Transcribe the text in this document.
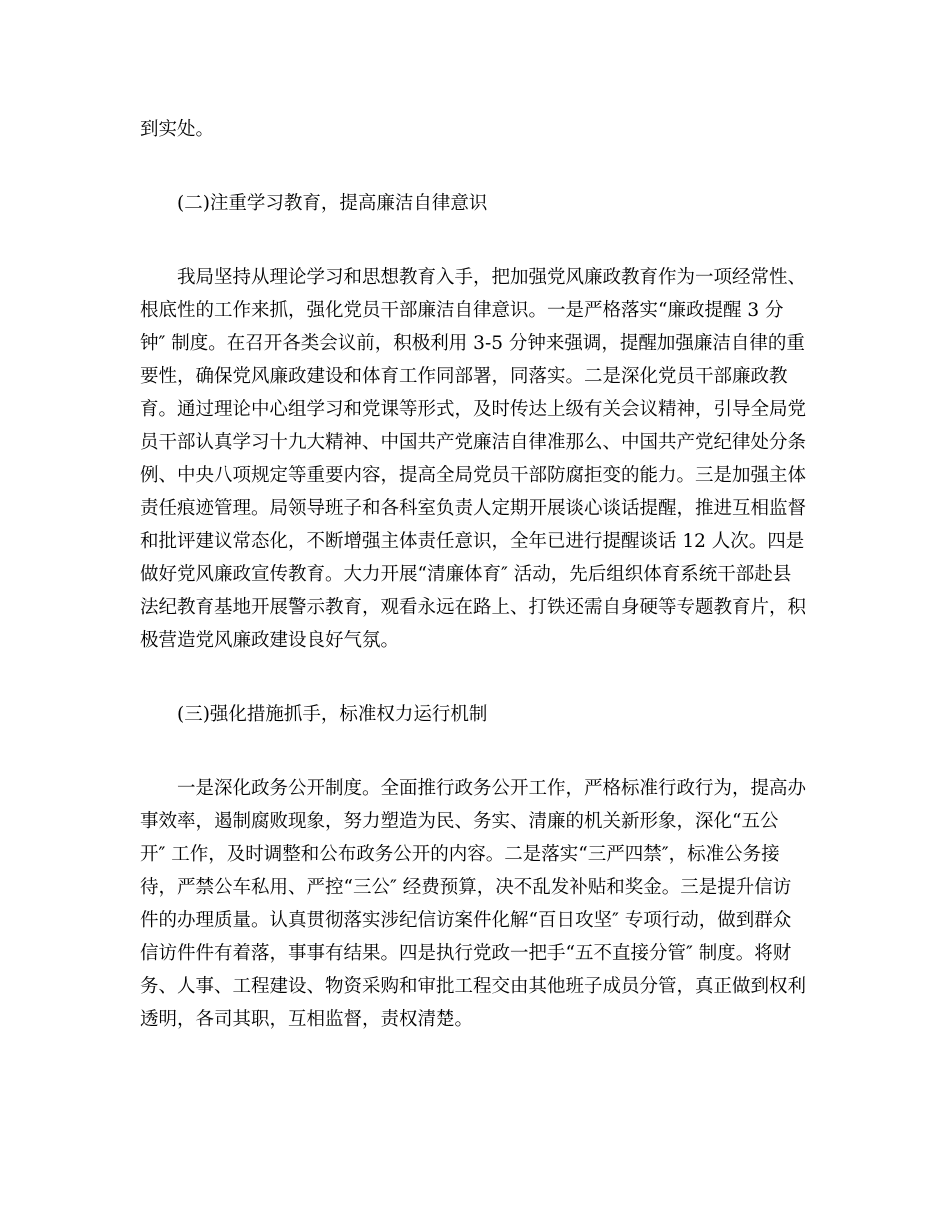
到实处。
(二)注重学习教育，提高廉洁自律意识
我局坚持从理论学习和思想教育入手，把加强党风廉政教育作为一项经常性、
根底性的工作来抓，强化党员干部廉洁自律意识。一是严格落实“廉政提醒 3 分
钟″ 制度。在召开各类会议前，积极利用 3-5 分钟来强调，提醒加强廉洁自律的重
要性，确保党风廉政建设和体育工作同部署，同落实。二是深化党员干部廉政教
育。通过理论中心组学习和党课等形式，及时传达上级有关会议精神，引导全局党
员干部认真学习十九大精神、中国共产党廉洁自律准那么、中国共产党纪律处分条
例、中央八项规定等重要内容，提高全局党员干部防腐拒变的能力。三是加强主体
责任痕迹管理。局领导班子和各科室负责人定期开展谈心谈话提醒，推进互相监督
和批评建议常态化，不断增强主体责任意识，全年已进行提醒谈话 12 人次。四是
做好党风廉政宣传教育。大力开展“清廉体育″ 活动，先后组织体育系统干部赴县
法纪教育基地开展警示教育，观看永远在路上、打铁还需自身硬等专题教育片，积
极营造党风廉政建设良好气氛。
(三)强化措施抓手，标准权力运行机制
一是深化政务公开制度。全面推行政务公开工作，严格标准行政行为，提高办
事效率，遏制腐败现象，努力塑造为民、务实、清廉的机关新形象，深化“五公
开″ 工作，及时调整和公布政务公开的内容。二是落实“三严四禁″，标准公务接
待，严禁公车私用、严控“三公″ 经费预算，决不乱发补贴和奖金。三是提升信访
件的办理质量。认真贯彻落实涉纪信访案件化解“百日攻坚″ 专项行动，做到群众
信访件件有着落，事事有结果。四是执行党政一把手“五不直接分管″ 制度。将财
务、人事、工程建设、物资采购和审批工程交由其他班子成员分管，真正做到权利
透明，各司其职，互相监督，责权清楚。
